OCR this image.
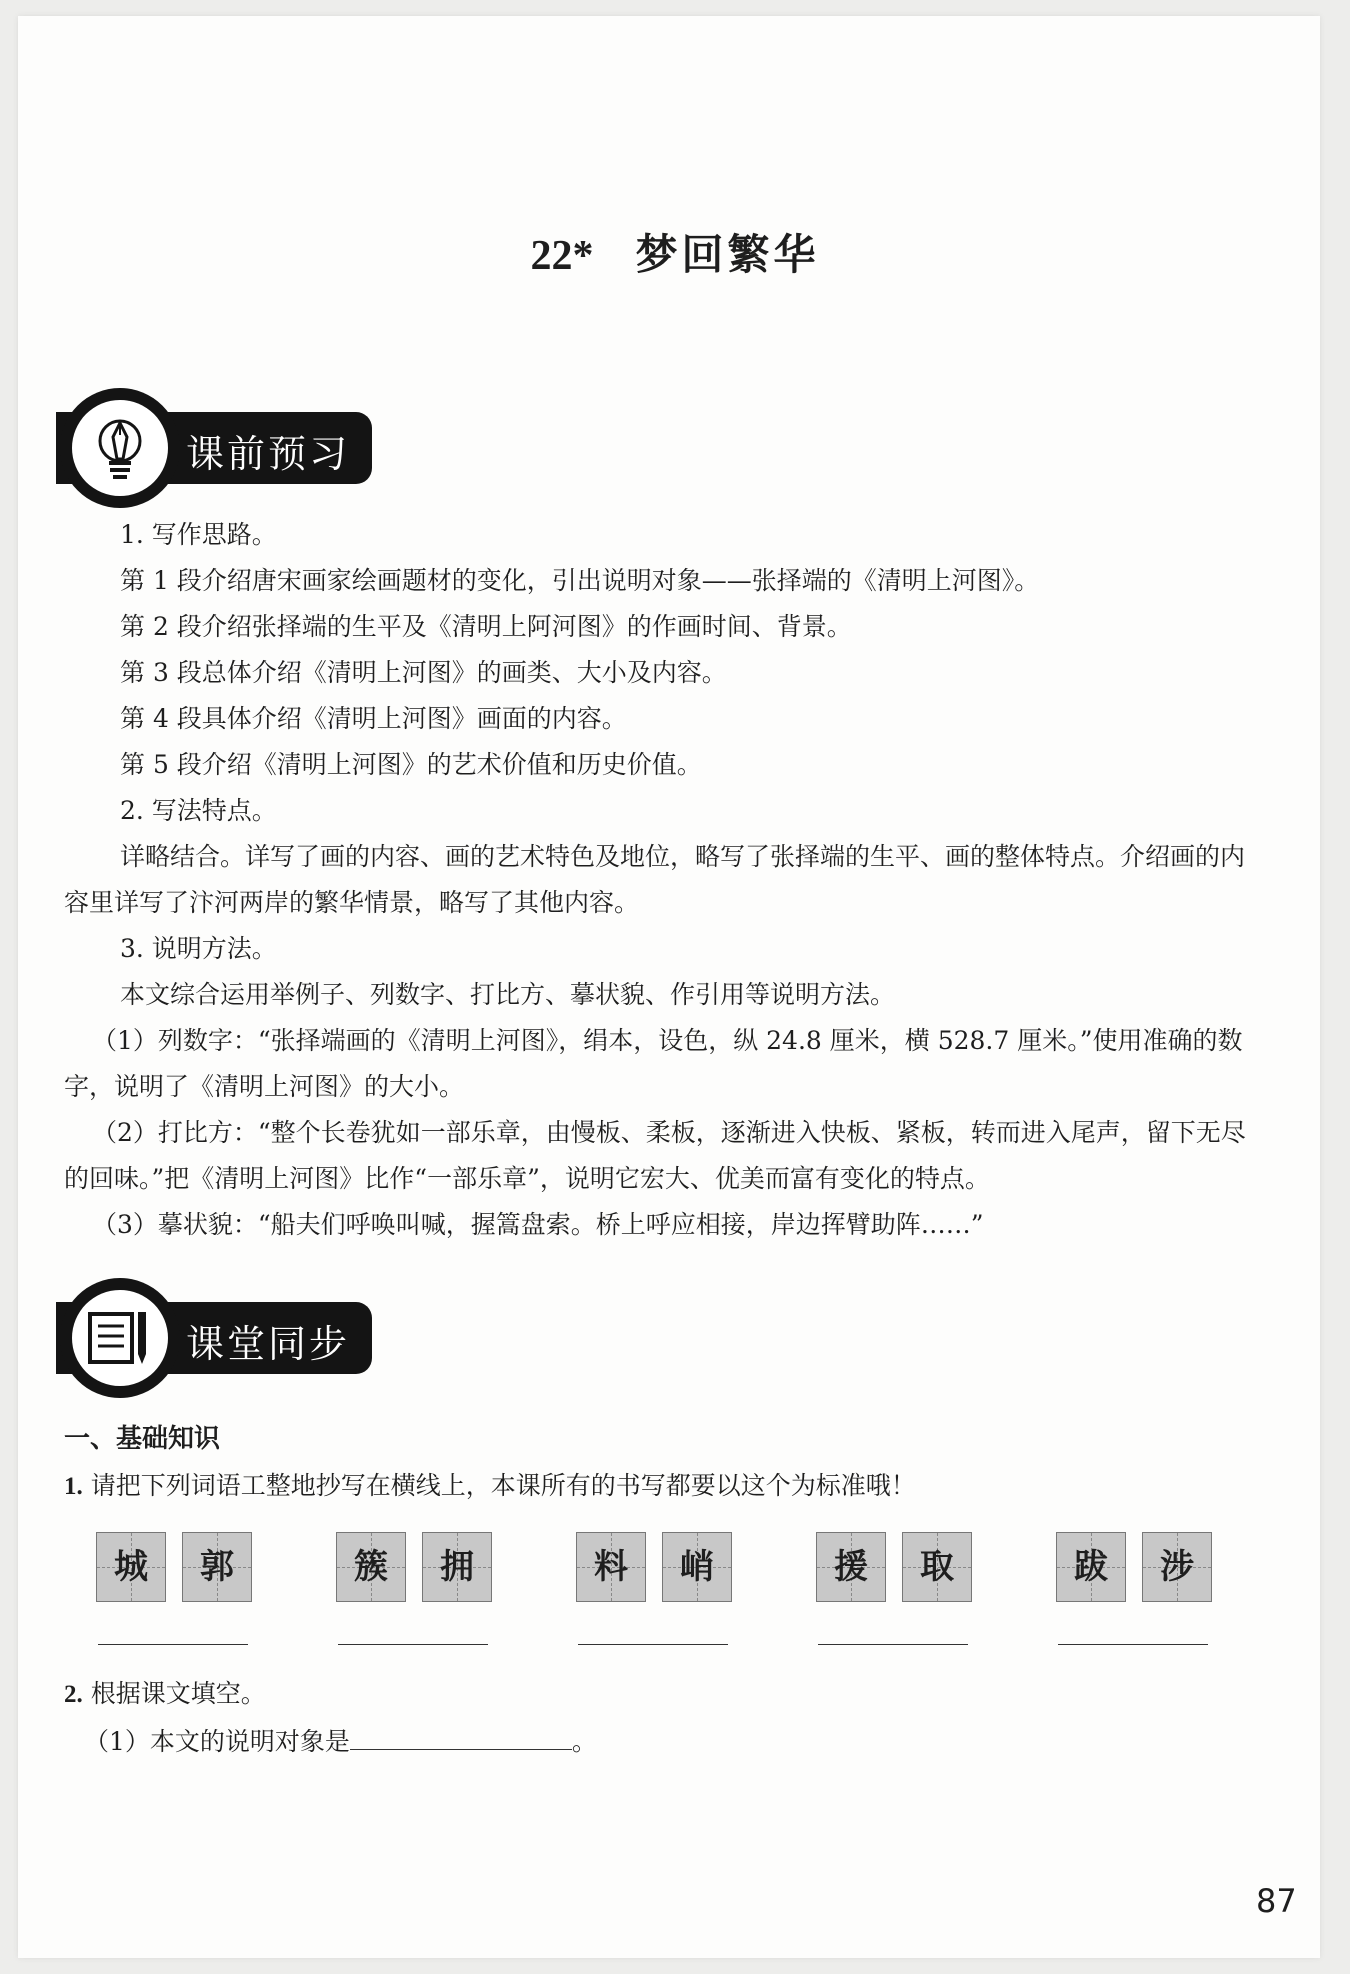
22* 梦回繁华
课前预习

1. 写作思路。

第 1 段介绍唐宋画家绘画题材的变化，引出说明对象——张择端的《清明上河图》。

第 2 段介绍张择端的生平及《清明上阿河图》的作画时间、背景。

第 3 段总体介绍《清明上河图》的画类、大小及内容。

第 4 段具体介绍《清明上河图》画面的内容。

第 5 段介绍《清明上河图》的艺术价值和历史价值。

2. 写法特点。

详略结合。详写了画的内容、画的艺术特色及地位，略写了张择端的生平、画的整体特点。介绍画的内容里详写了汴河两岸的繁华情景，略写了其他内容。

3. 说明方法。

本文综合运用举例子、列数字、打比方、摹状貌、作引用等说明方法。

（1）列数字：“张择端画的《清明上河图》，绢本，设色，纵 24.8 厘米，横 528.7 厘米。”使用准确的数字，说明了《清明上河图》的大小。

（2）打比方：“整个长卷犹如一部乐章，由慢板、柔板，逐渐进入快板、紧板，转而进入尾声，留下无尽的回味。”把《清明上河图》比作“一部乐章”，说明它宏大、优美而富有变化的特点。

（3）摹状貌：“船夫们呼唤叫喊，握篙盘索。桥上呼应相接，岸边挥臂助阵……”

课堂同步
一、基础知识
1. 请把下列词语工整地抄写在横线上，本课所有的书写都要以这个为标准哦！
城	郭	簇	拥	料	峭	援	取	跋	涉
2. 根据课文填空。
（1）本文的说明对象是	。
87
